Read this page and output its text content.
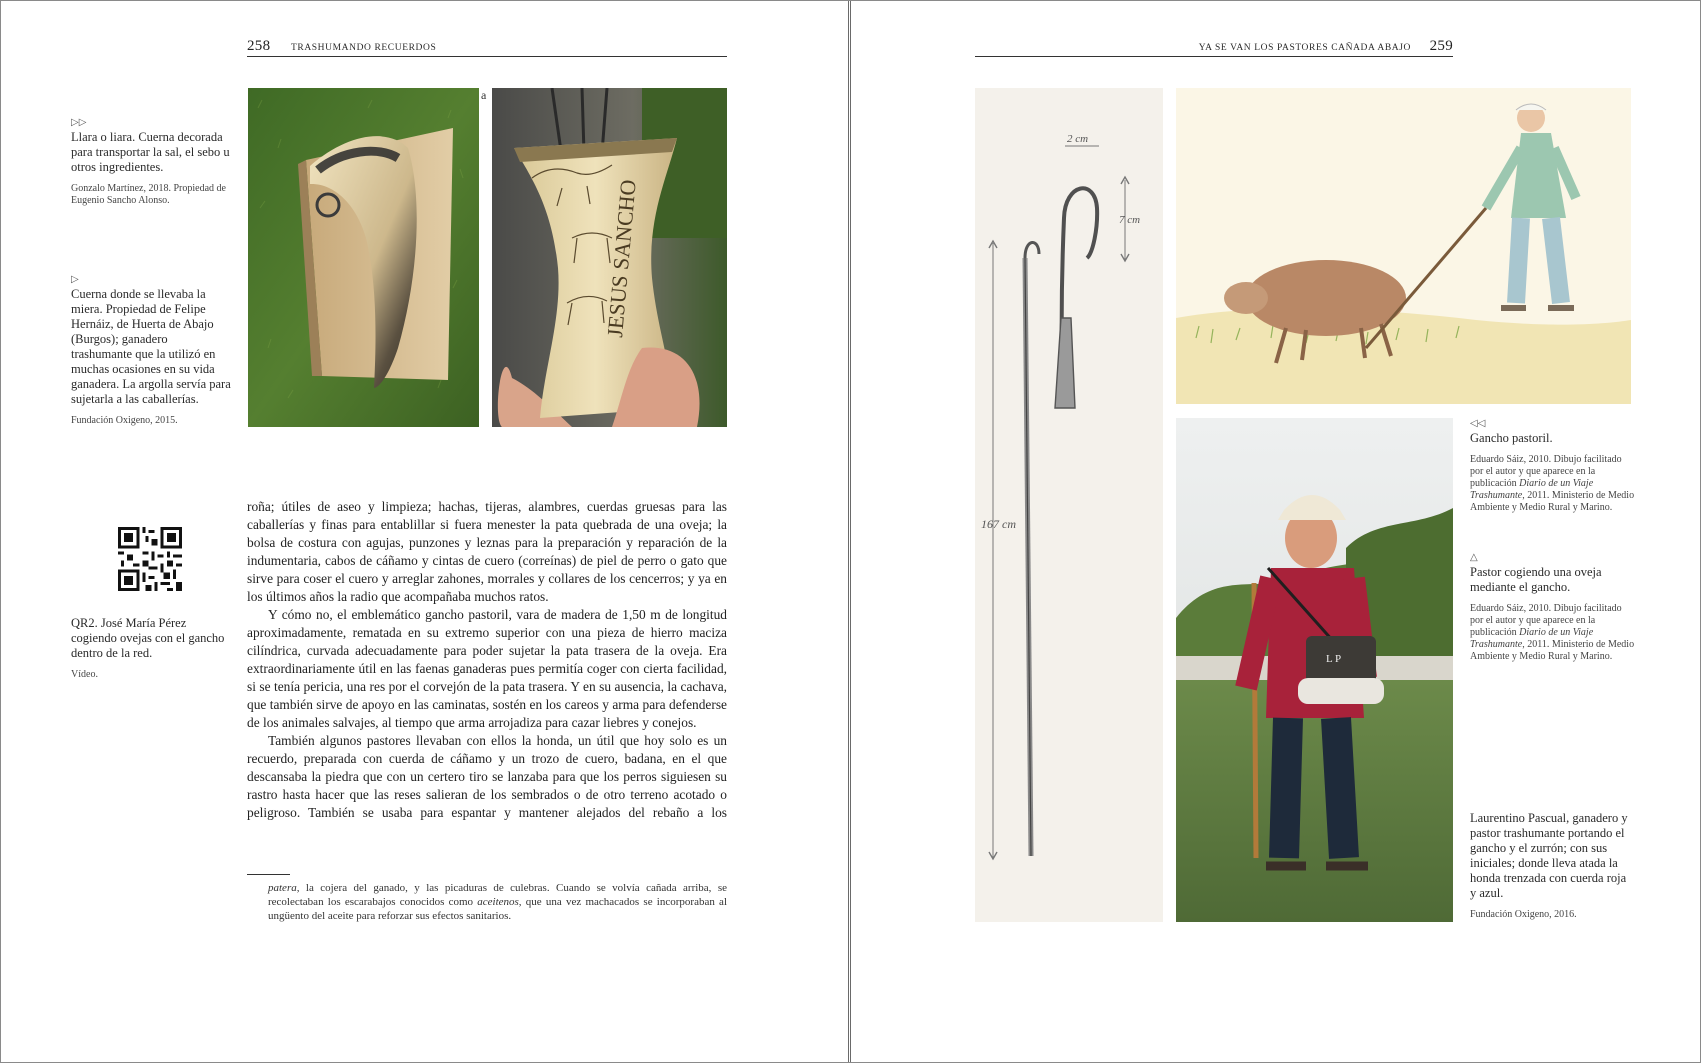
258 TRASHUMANDO RECUERDOS
a
JESUS SANCHO
▷▷
Llara o liara. Cuerna decorada para transportar la sal, el sebo u otros ingredientes.
Gonzalo Martínez, 2018. Propiedad de Eugenio Sancho Alonso.
▷
Cuerna donde se llevaba la miera. Propiedad de Felipe Hernáiz, de Huerta de Abajo (Burgos); ganadero trashumante que la utilizó en muchas ocasiones en su vida ganadera. La argolla servía para sujetarla a las caballerías.
Fundación Oxigeno, 2015.
QR2. José María Pérez cogiendo ovejas con el gancho dentro de la red.
Vídeo.

roña; útiles de aseo y limpieza; hachas, tijeras, alambres, cuerdas gruesas para las caballerías y finas para entablillar si fuera menester la pata quebrada de una oveja; la bolsa de costura con agujas, punzones y leznas para la preparación y reparación de la indumentaria, cabos de cáñamo y cintas de cuero (correínas) de piel de perro o gato que sirve para coser el cuero y arreglar zahones, morrales y collares de los cencerros; y ya en los últimos años la radio que acompañaba muchos ratos.

Y cómo no, el emblemático gancho pastoril, vara de madera de 1,50 m de longitud aproximadamente, rematada en su extremo superior con una pieza de hierro maciza cilíndrica, curvada adecuadamente para poder sujetar la pata trasera de la oveja. Era extraordinariamente útil en las faenas ganaderas pues permitía coger con cierta facilidad, si se tenía pericia, una res por el corvejón de la pata trasera. Y en su ausencia, la cachava, que también sirve de apoyo en las caminatas, sostén en los careos y arma para defenderse de los animales salvajes, al tiempo que arma arrojadiza para cazar liebres y conejos.

También algunos pastores llevaban con ellos la honda, un útil que hoy solo es un recuerdo, preparada con cuerda de cáñamo y un trozo de cuero, badana, en el que descansaba la piedra que con un certero tiro se lanzaba para que los perros siguiesen su rastro hasta hacer que las reses salieran de los sembrados o de otro terreno acotado o peligroso. También se usaba para espantar y mantener alejados del rebaño a los

patera, la cojera del ganado, y las picaduras de culebras. Cuando se volvía cañada arriba, se recolectaban los escarabajos conocidos como aceitenos, que una vez machacados se incorporaban al ungüento del aceite para reforzar sus efectos sanitarios.
YA SE VAN LOS PASTORES CAÑADA ABAJO 259
2 cm
7 cm
167 cm
L P
◁◁
Gancho pastoril.
Eduardo Sáiz, 2010. Dibujo facilitado por el autor y que aparece en la publicación Diario de un Viaje Trashumante, 2011. Ministerio de Medio Ambiente y Medio Rural y Marino.
△
Pastor cogiendo una oveja mediante el gancho.
Eduardo Sáiz, 2010. Dibujo facilitado por el autor y que aparece en la publicación Diario de un Viaje Trashumante, 2011. Ministerio de Medio Ambiente y Medio Rural y Marino.
Laurentino Pascual, ganadero y pastor trashumante portando el gancho y el zurrón; con sus iniciales; donde lleva atada la honda trenzada con cuerda roja y azul.
Fundación Oxigeno, 2016.
